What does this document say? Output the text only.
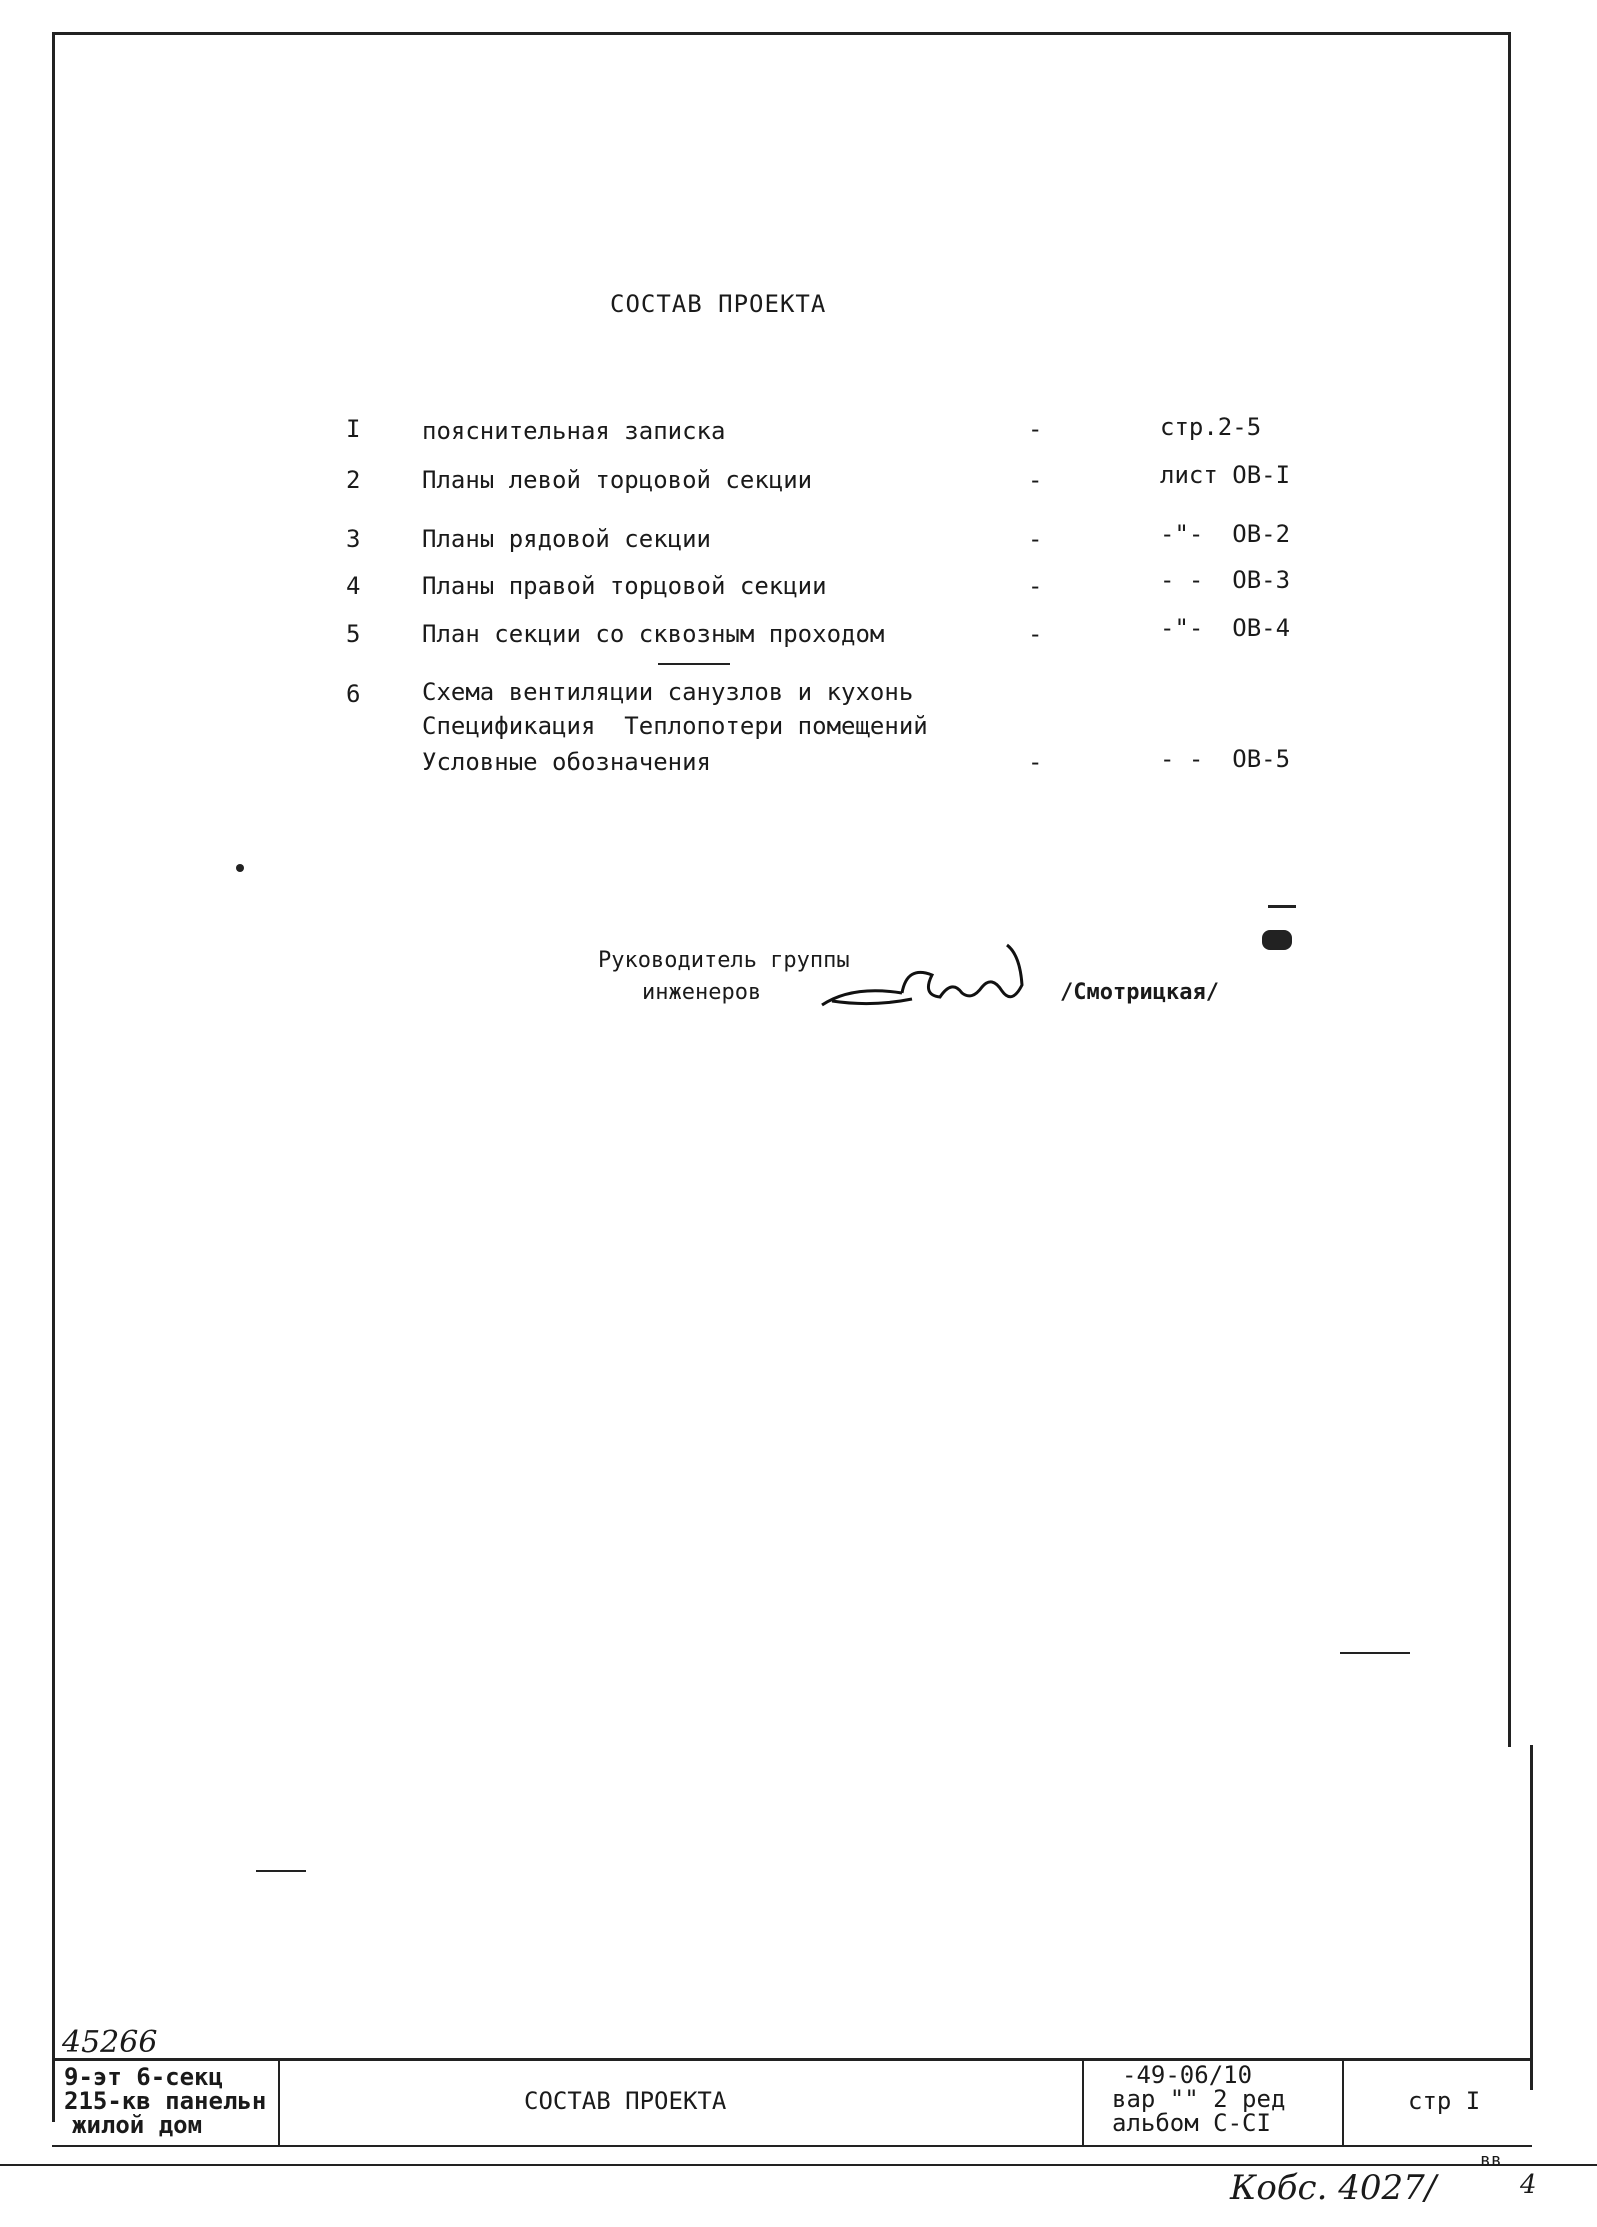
СОСТАВ ПРОЕКТА
I	пояснительная записка	-	стр.2-5
2	Планы левой торцовой секции	-	лист ОВ-I
3	Планы рядовой секции	-	-"-  ОВ-2
4	Планы правой торцовой секции	-	- -  ОВ-3
5	План секции со сквозным проходом	-	-"-  ОВ-4
6	Схема вентиляции санузлов и кухонь
Спецификация  Теплопотери помещений
Условные обозначения	-	- -  ОВ-5
Руководитель группы
инженеров
Рыбов
/Смотрицкая/
45266
9-эт 6-секц
215-кв панельн
жилой дом
СОСТАВ ПРОЕКТА
-49-06/10
вар "" 2 ред
альбом С-СI
стр I
Кобс. 4027/
вв
4
